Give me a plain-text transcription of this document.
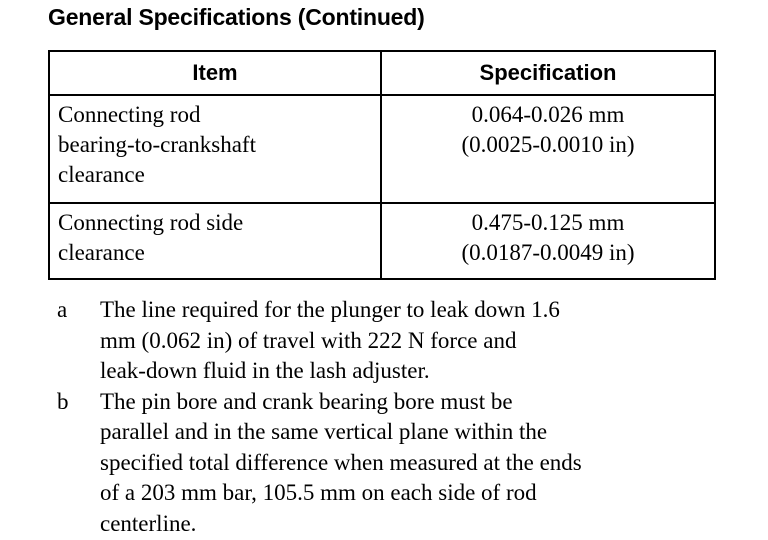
General Specifications (Continued)
Item	Specification

Connecting rod
bearing-to-crankshaft
clearance	0.064-0.026 mm
(0.0025-0.0010 in)

Connecting rod side
clearance	0.475-0.125 mm
(0.0187-0.0049 in)
a	The line required for the plunger to leak down 1.6
mm (0.062 in) of travel with 222 N force and
leak-down fluid in the lash adjuster.
b	The pin bore and crank bearing bore must be
parallel and in the same vertical plane within the
specified total difference when measured at the ends
of a 203 mm bar, 105.5 mm on each side of rod
centerline.
